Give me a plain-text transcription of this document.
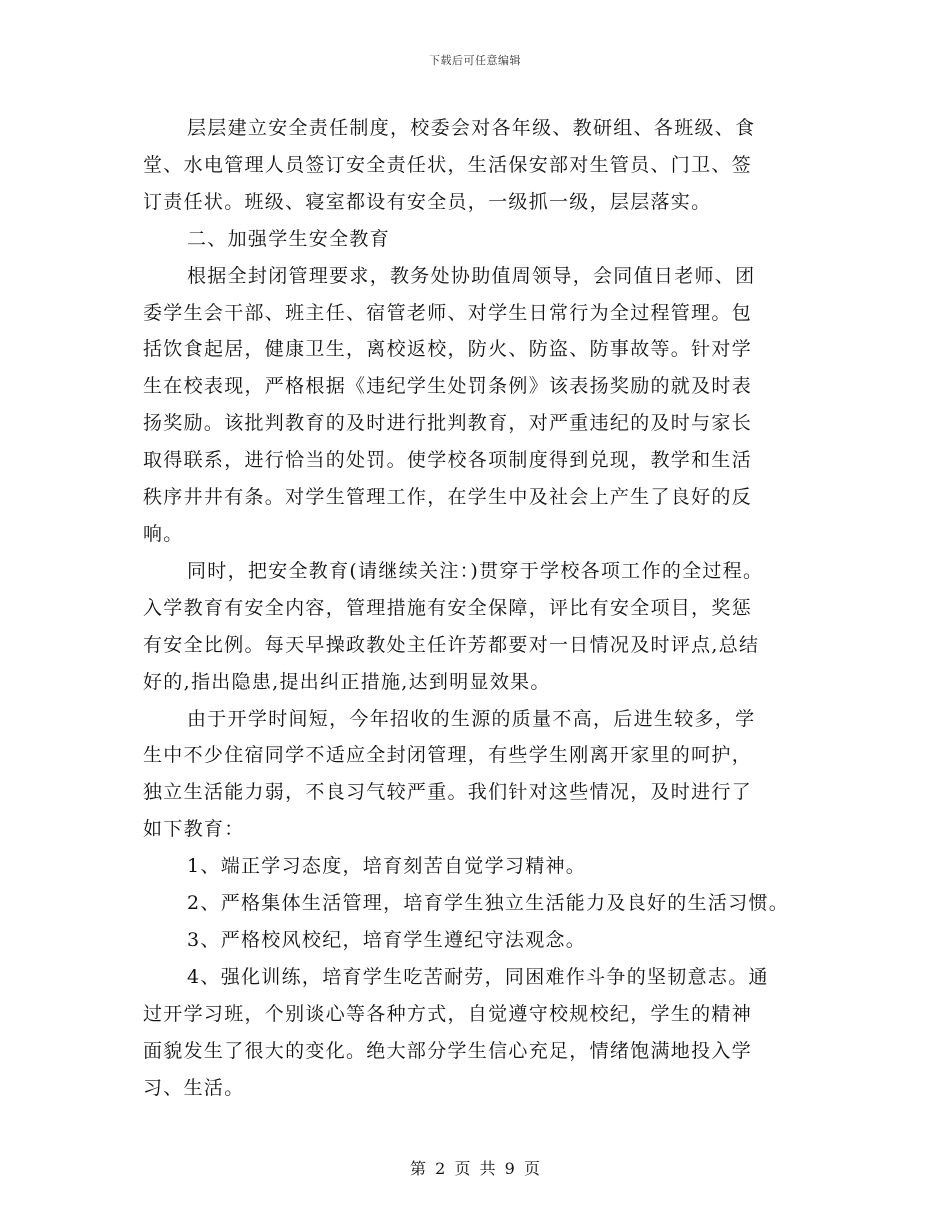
下载后可任意编辑
层层建立安全责任制度，校委会对各年级、教研组、各班级、食
堂、水电管理人员签订安全责任状，生活保安部对生管员、门卫、签
订责任状。班级、寝室都设有安全员，一级抓一级，层层落实。
二、加强学生安全教育
根据全封闭管理要求，教务处协助值周领导，会同值日老师、团
委学生会干部、班主任、宿管老师、对学生日常行为全过程管理。包
括饮食起居，健康卫生，离校返校，防火、防盗、防事故等。针对学
生在校表现，严格根据《违纪学生处罚条例》该表扬奖励的就及时表
扬奖励。该批判教育的及时进行批判教育，对严重违纪的及时与家长
取得联系，进行恰当的处罚。使学校各项制度得到兑现，教学和生活
秩序井井有条。对学生管理工作，在学生中及社会上产生了良好的反
响。
同时，把安全教育(请继续关注：)贯穿于学校各项工作的全过程。
入学教育有安全内容，管理措施有安全保障，评比有安全项目，奖惩
有安全比例。每天早操政教处主任许芳都要对一日情况及时评点,总结
好的,指出隐患,提出纠正措施,达到明显效果。
由于开学时间短，今年招收的生源的质量不高，后进生较多，学
生中不少住宿同学不适应全封闭管理，有些学生刚离开家里的呵护，
独立生活能力弱，不良习气较严重。我们针对这些情况，及时进行了
如下教育：
1、端正学习态度，培育刻苦自觉学习精神。
2、严格集体生活管理，培育学生独立生活能力及良好的生活习惯。
3、严格校风校纪，培育学生遵纪守法观念。
4、强化训练，培育学生吃苦耐劳，同困难作斗争的坚韧意志。通
过开学习班，个别谈心等各种方式，自觉遵守校规校纪，学生的精神
面貌发生了很大的变化。绝大部分学生信心充足，情绪饱满地投入学
习、生活。
第 2 页 共 9 页
